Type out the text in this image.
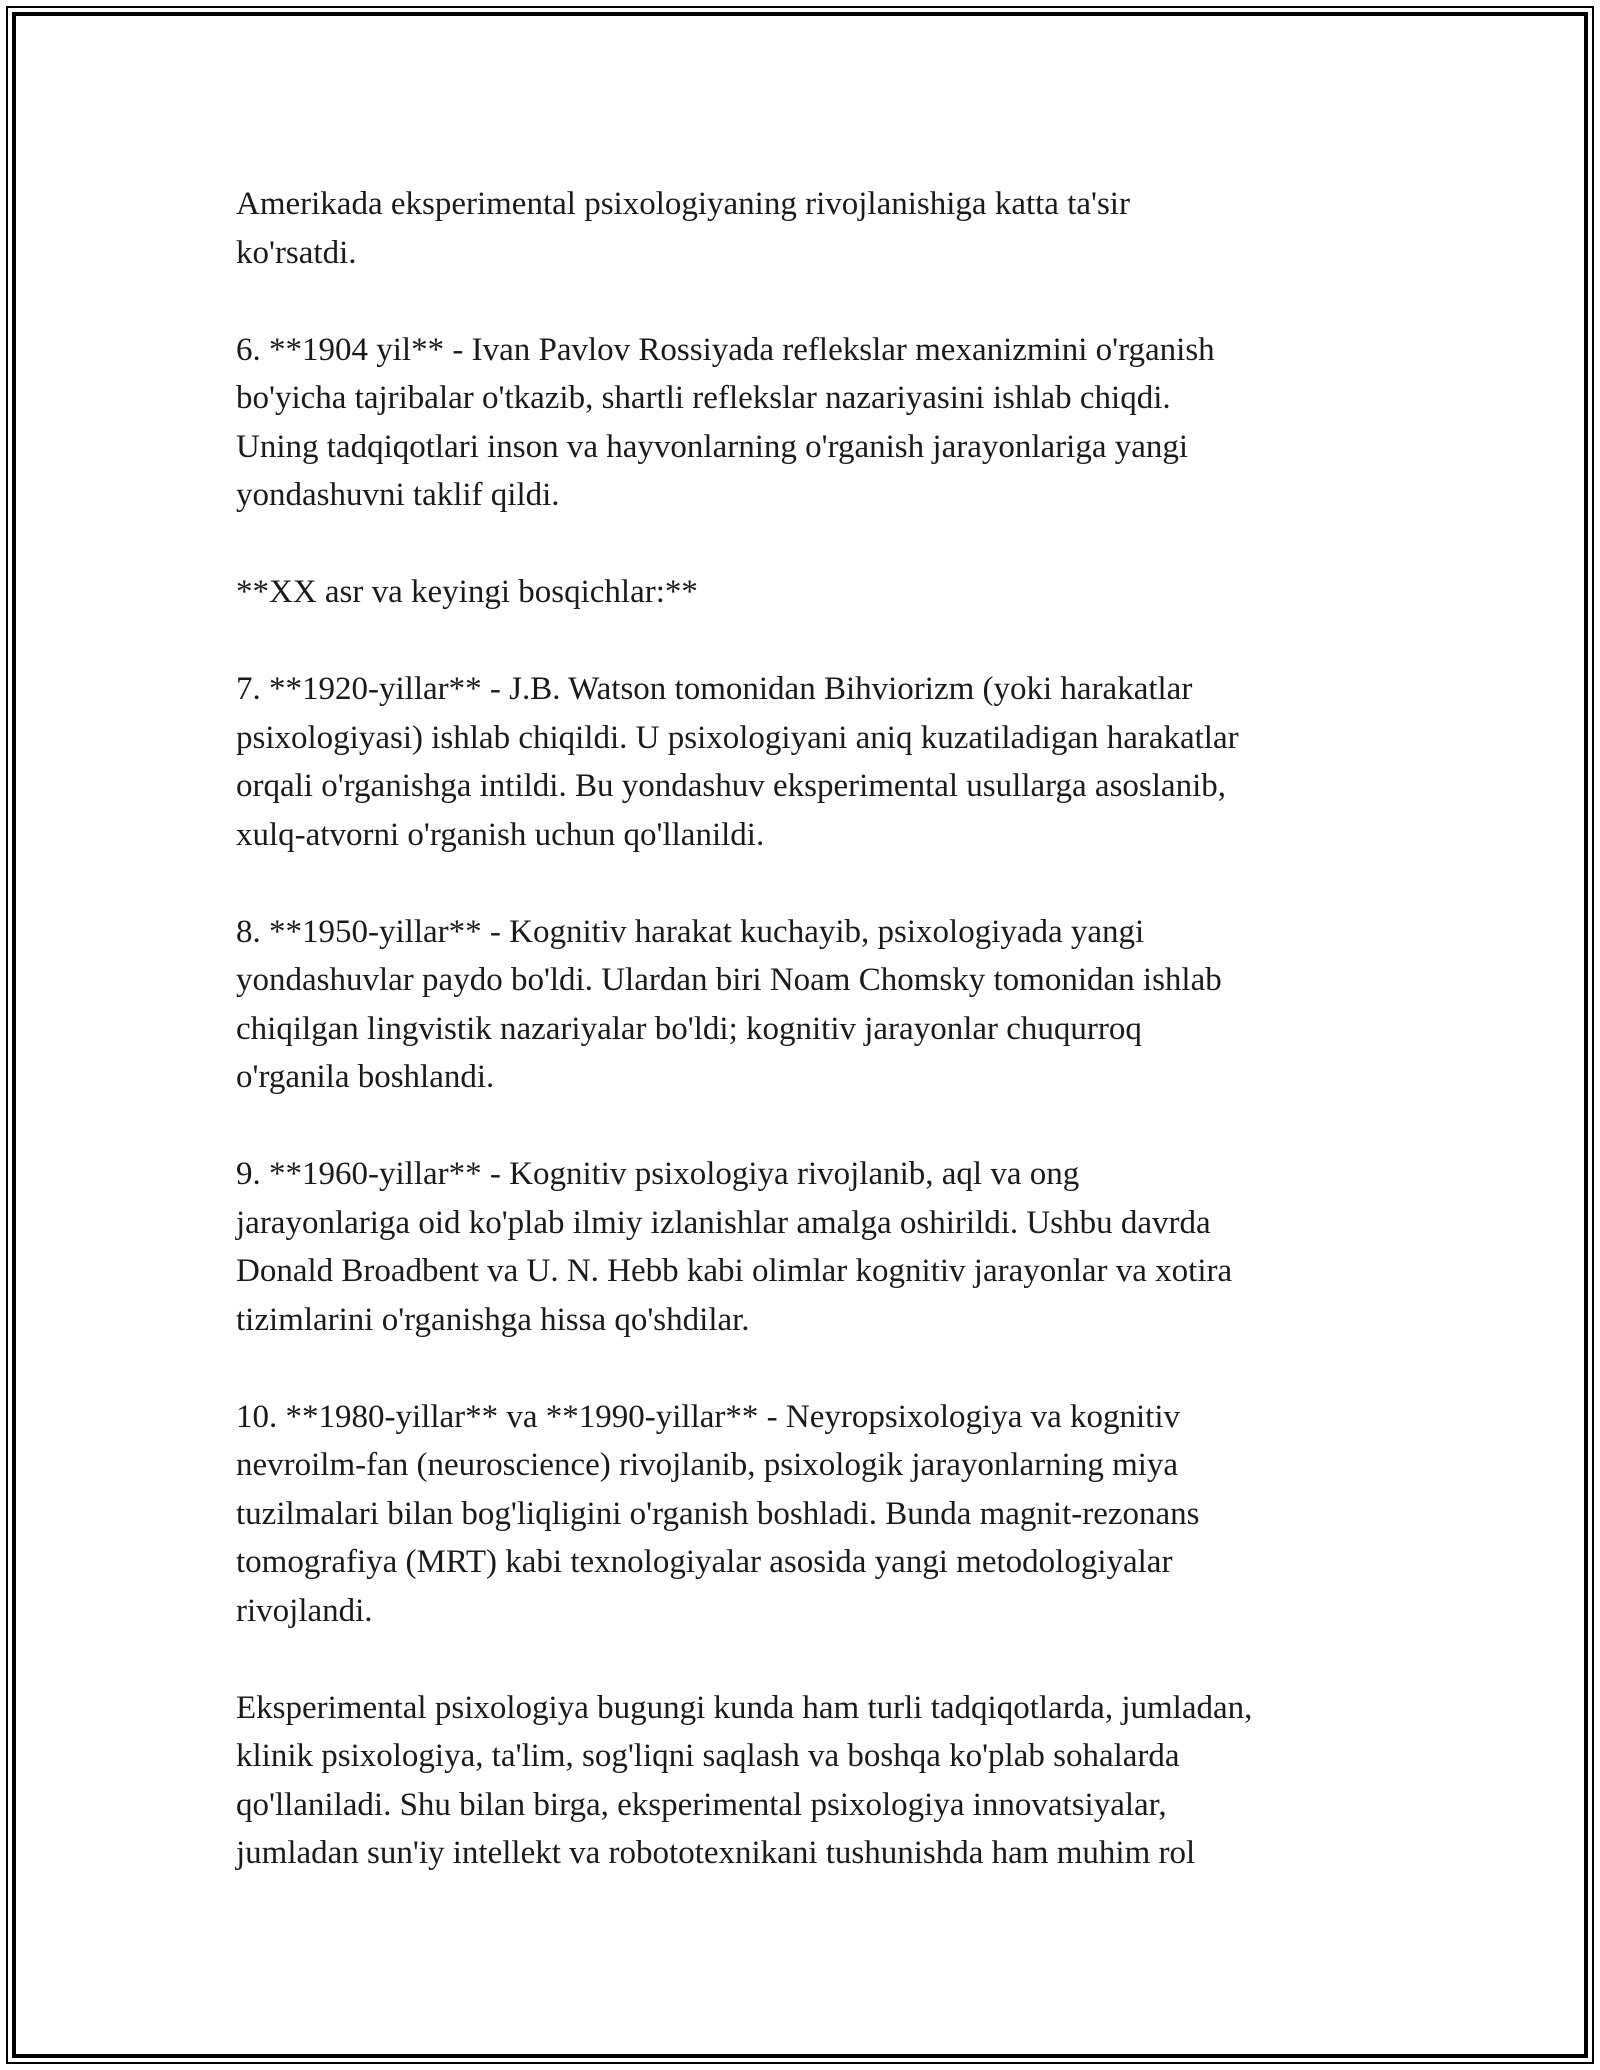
Amerikada eksperimental psixologiyaning rivojlanishiga katta ta'sir
ko'rsatdi.

6. **1904 yil** - Ivan Pavlov Rossiyada reflekslar mexanizmini o'rganish
bo'yicha tajribalar o'tkazib, shartli reflekslar nazariyasini ishlab chiqdi.
Uning tadqiqotlari inson va hayvonlarning o'rganish jarayonlariga yangi
yondashuvni taklif qildi.

**XX asr va keyingi bosqichlar:**

7. **1920-yillar** - J.B. Watson tomonidan Bihviorizm (yoki harakatlar
psixologiyasi) ishlab chiqildi. U psixologiyani aniq kuzatiladigan harakatlar
orqali o'rganishga intildi. Bu yondashuv eksperimental usullarga asoslanib,
xulq-atvorni o'rganish uchun qo'llanildi.

8. **1950-yillar** - Kognitiv harakat kuchayib, psixologiyada yangi
yondashuvlar paydo bo'ldi. Ulardan biri Noam Chomsky tomonidan ishlab
chiqilgan lingvistik nazariyalar bo'ldi; kognitiv jarayonlar chuqurroq
o'rganila boshlandi.

9. **1960-yillar** - Kognitiv psixologiya rivojlanib, aql va ong
jarayonlariga oid ko'plab ilmiy izlanishlar amalga oshirildi. Ushbu davrda
Donald Broadbent va U. N. Hebb kabi olimlar kognitiv jarayonlar va xotira
tizimlarini o'rganishga hissa qo'shdilar.

10. **1980-yillar** va **1990-yillar** - Neyropsixologiya va kognitiv
nevroilm-fan (neuroscience) rivojlanib, psixologik jarayonlarning miya
tuzilmalari bilan bog'liqligini o'rganish boshladi. Bunda magnit-rezonans
tomografiya (MRT) kabi texnologiyalar asosida yangi metodologiyalar
rivojlandi.

Eksperimental psixologiya bugungi kunda ham turli tadqiqotlarda, jumladan,
klinik psixologiya, ta'lim, sog'liqni saqlash va boshqa ko'plab sohalarda
qo'llaniladi. Shu bilan birga, eksperimental psixologiya innovatsiyalar,
jumladan sun'iy intellekt va robototexnikani tushunishda ham muhim rol
